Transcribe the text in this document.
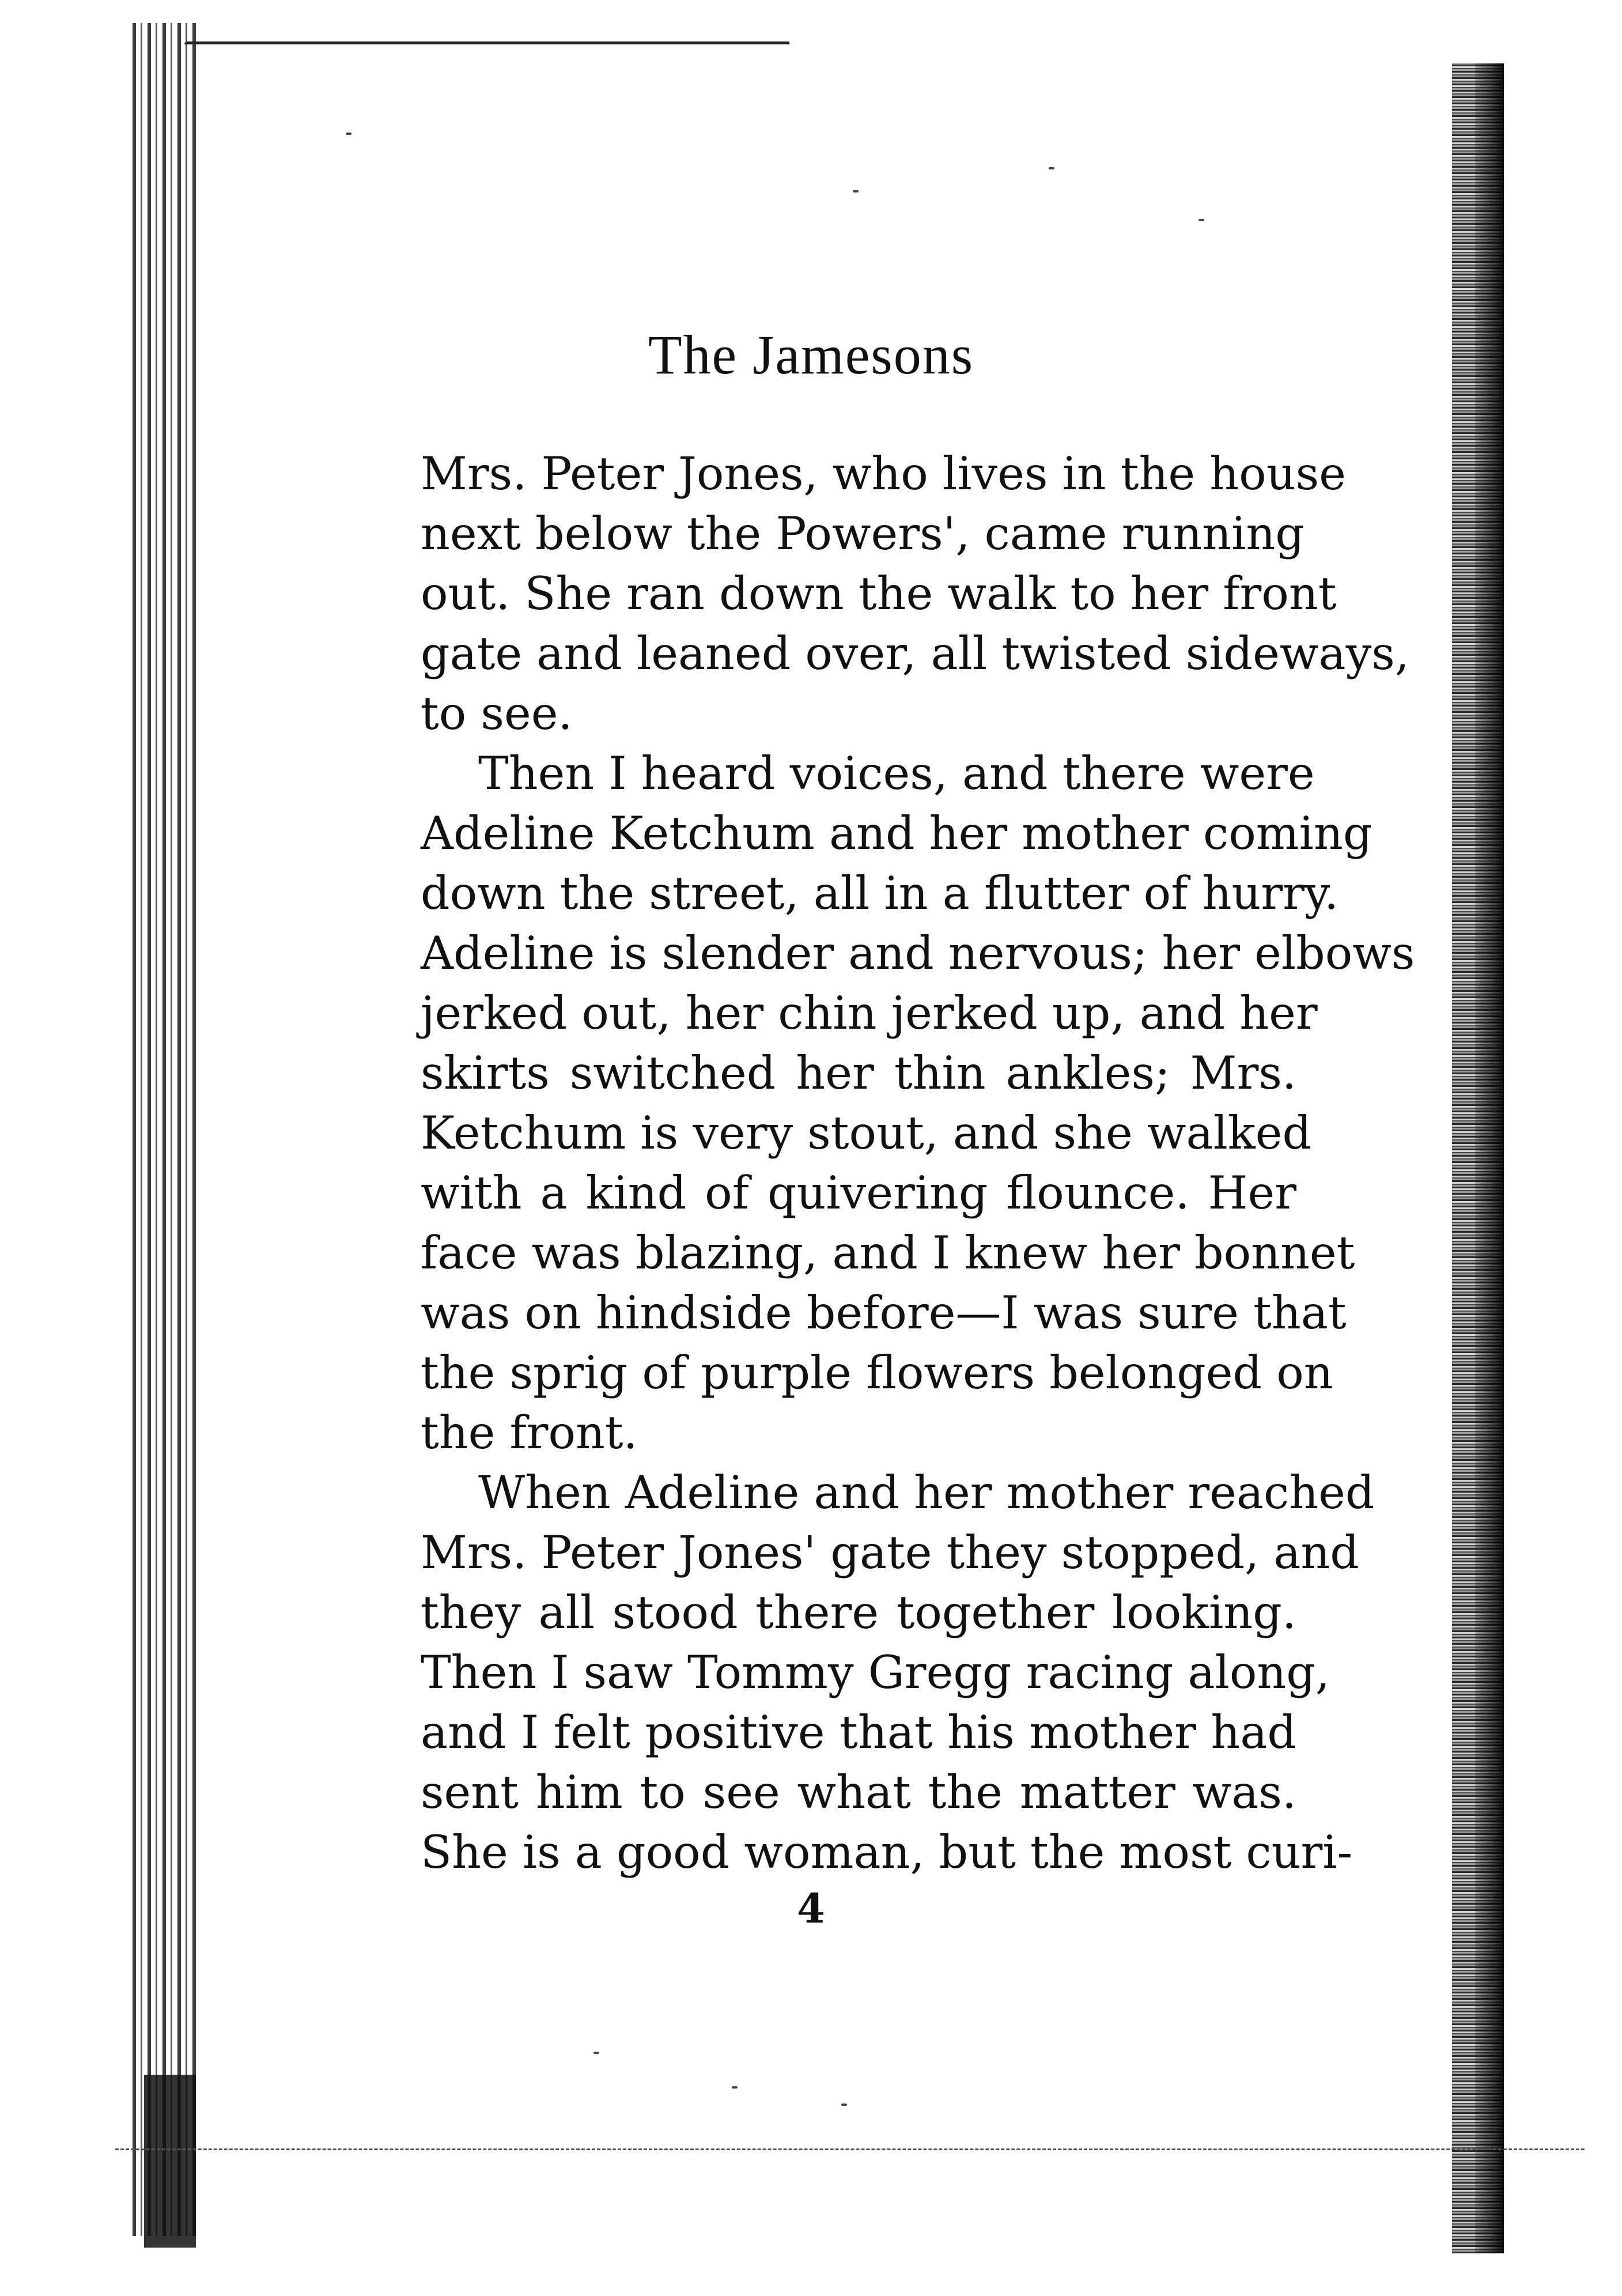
The Jamesons
Mrs. Peter Jones, who lives in the house
next below the Powers', came running
out. She ran down the walk to her front
gate and leaned over, all twisted sideways,
to see.
Then I heard voices, and there were
Adeline Ketchum and her mother coming
down the street, all in a flutter of hurry.
Adeline is slender and nervous; her elbows
jerked out, her chin jerked up, and her
skirts switched her thin ankles; Mrs.
Ketchum is very stout, and she walked
with a kind of quivering flounce. Her
face was blazing, and I knew her bonnet
was on hindside before—I was sure that
the sprig of purple flowers belonged on
the front.
When Adeline and her mother reached
Mrs. Peter Jones' gate they stopped, and
they all stood there together looking.
Then I saw Tommy Gregg racing along,
and I felt positive that his mother had
sent him to see what the matter was.
She is a good woman, but the most curi-
4
